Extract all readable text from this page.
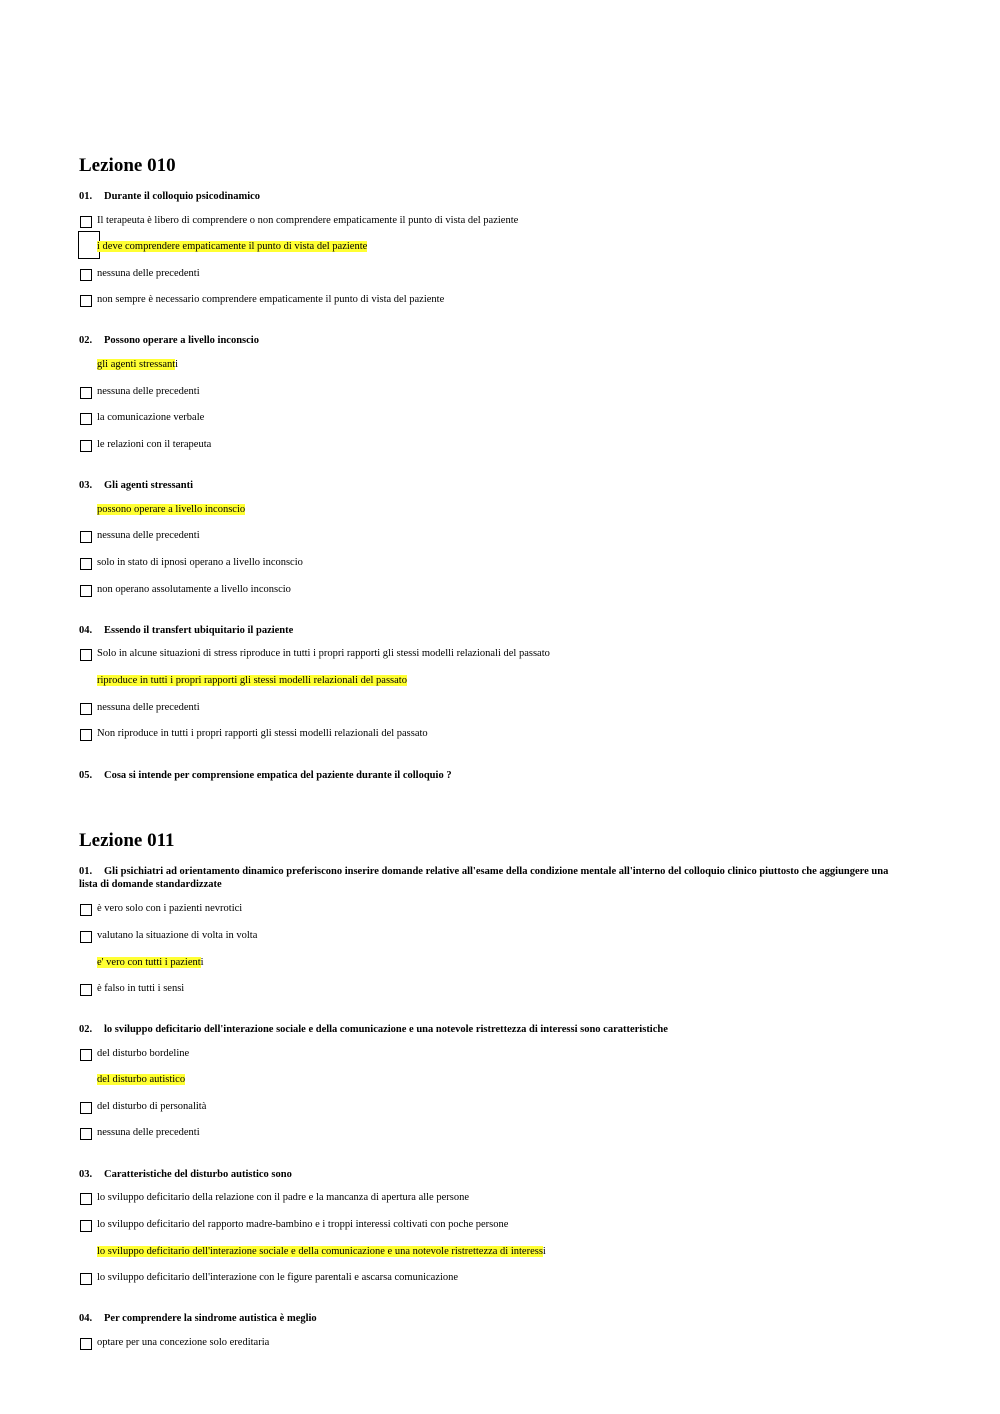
Lezione 010
01. Durante il colloquio psicodinamico
Il terapeuta è libero di comprendere o non comprendere empaticamente il punto di vista del paziente
i deve comprendere empaticamente il punto di vista del paziente
nessuna delle precedenti
non sempre è necessario comprendere empaticamente il punto di vista del paziente
02. Possono operare a livello inconscio
gli agenti stressanti
nessuna delle precedenti
la comunicazione verbale
le relazioni con il terapeuta
03. Gli agenti stressanti
possono operare a livello inconscio
nessuna delle precedenti
solo in stato di ipnosi operano a livello inconscio
non operano assolutamente a livello inconscio
04. Essendo il transfert ubiquitario il paziente
Solo in alcune situazioni di stress riproduce in tutti i propri rapporti gli stessi modelli relazionali del passato
riproduce in tutti i propri rapporti gli stessi modelli relazionali del passato
nessuna delle precedenti
Non riproduce in tutti i propri rapporti gli stessi modelli relazionali del passato
05. Cosa si intende per comprensione empatica del paziente durante il colloquio ?
Lezione 011
01. Gli psichiatri ad orientamento dinamico preferiscono inserire domande relative all'esame della condizione mentale all'interno del colloquio clinico piuttosto che aggiungere una lista di domande standardizzate
è vero solo con i pazienti nevrotici
valutano la situazione di volta in volta
e' vero con tutti i pazienti
è falso in tutti i sensi
02. lo sviluppo deficitario dell'interazione sociale e della comunicazione e una notevole ristrettezza di interessi sono caratteristiche
del disturbo bordeline
del disturbo autistico
del disturbo di personalità
nessuna delle precedenti
03. Caratteristiche del disturbo autistico sono
lo sviluppo deficitario della relazione con il padre e la mancanza di apertura alle persone
lo sviluppo deficitario del rapporto madre-bambino e i troppi interessi coltivati con poche persone
lo sviluppo deficitario dell'interazione sociale e della comunicazione e una notevole ristrettezza di interessi
lo sviluppo deficitario dell'interazione con le figure parentali e ascarsa comunicazione
04. Per comprendere la sindrome autistica è meglio
optare per una concezione solo ereditaria
